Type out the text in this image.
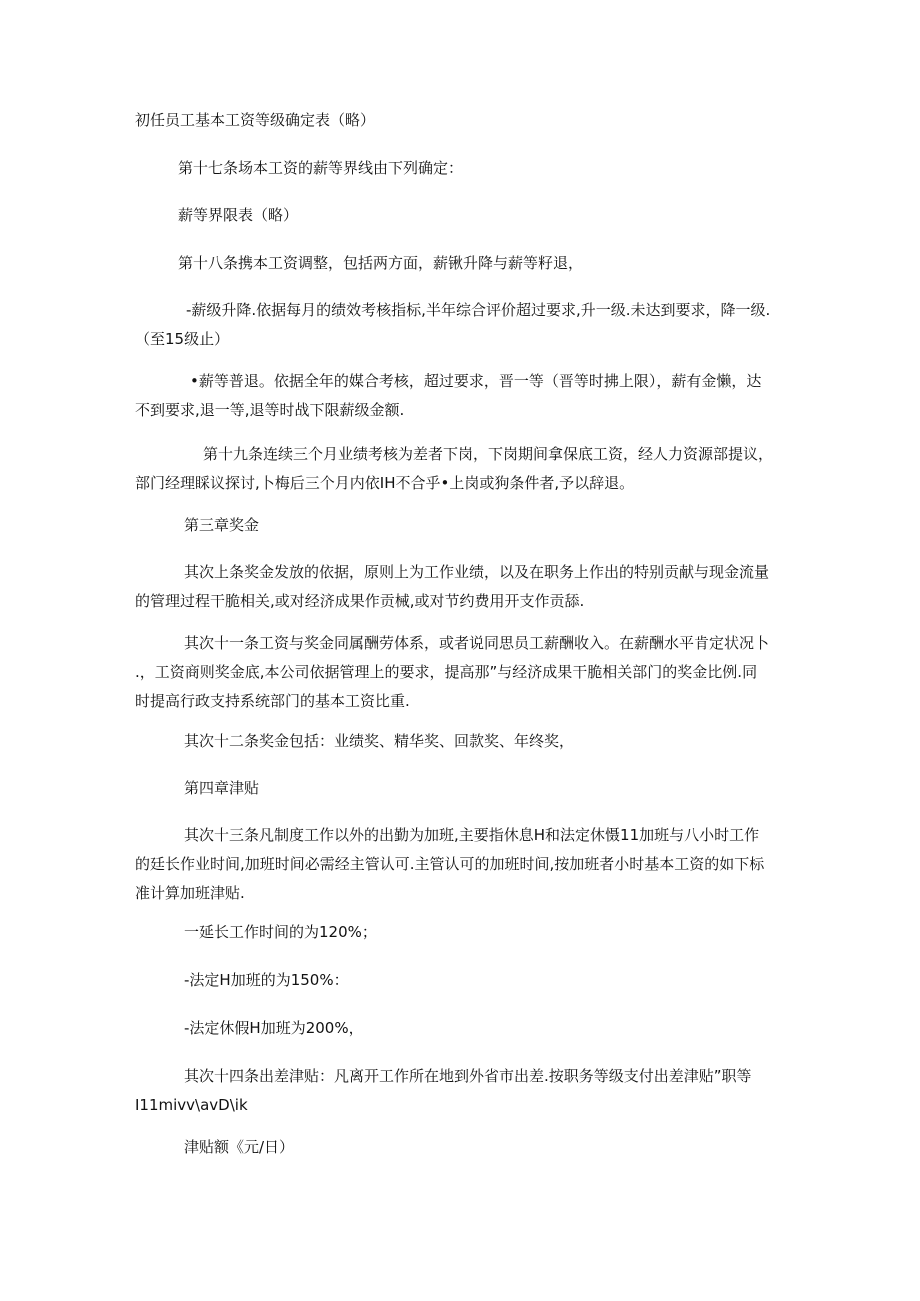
初任员工基本工资等级确定表（略）

第十七条场本工资的薪等界线由下列确定：

薪等界限表（略）

第十八条携本工资调整，包括两方面，薪锹升降与薪等籽退，

-薪级升降.依据每月的绩效考核指标,半年综合评价超过要求,升一级.未达到要求，降一级.
（至15级止）

•薪等普退。依据全年的媒合考核，超过要求，晋一等（晋等时拂上限），薪有金懒，达
不到要求,退一等,退等时战下限薪级金额.

第十九条连续三个月业绩考核为差者下岗，下岗期间拿保底工资，经人力资源部提议，
部门经理睬议探讨,卜梅后三个月内依IH不合乎•上岗或狗条件者,予以辞退。

第三章奖金

其次上条奖金发放的依据，原则上为工作业绩，以及在职务上作出的特别贡献与现金流量
的管理过程干脆相关,或对经济成果作贡械,或对节约费用开支作贡舔.

其次十一条工资与奖金同属酬劳体系，或者说同思员工薪酬收入。在薪酬水平肯定状况卜
.，工资商则奖金底,本公司依据管理上的要求，提高那”与经济成果干脆相关部门的奖金比例.同
时提高行政支持系统部门的基本工资比重.

其次十二条奖金包括：业绩奖、精华奖、回款奖、年终奖，

第四章津贴

其次十三条凡制度工作以外的出勤为加班,主要指休息H和法定休慑11加班与八小时工作
的廷长作业时间,加班时间必需经主管认可.主管认可的加班时间,按加班者小时基本工资的如下标
准计算加班津贴.

一延长工作时间的为120%；

-法定H加班的为150%：

-法定休假H加班为200%，

其次十四条出差津贴：凡离开工作所在地到外省市出差.按职务等级支付出差津贴”职等
I11mivv\avD\ik

津贴额《元/日）
